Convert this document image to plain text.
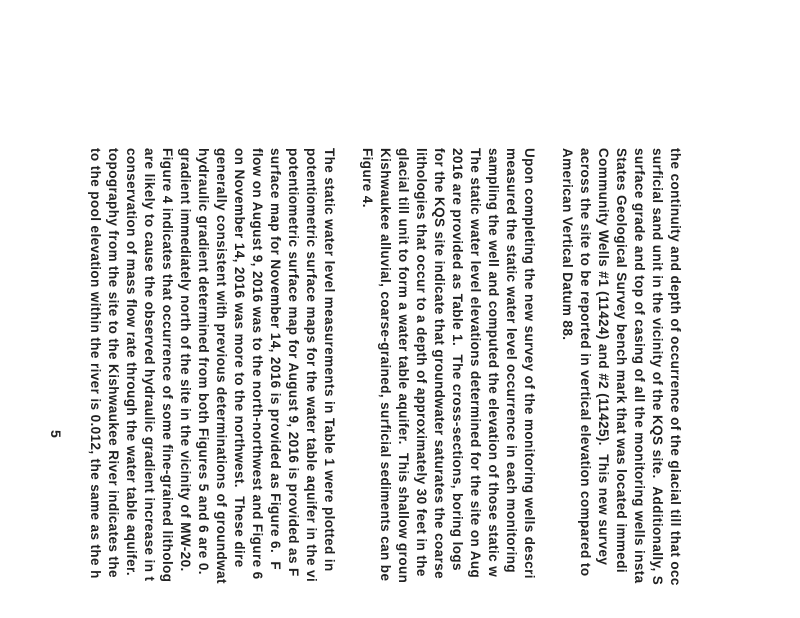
the continuity and depth of occurrence of the glacial till that occ
surficial sand unit in the vicinity of the KQS site.  Additionally, S
surface grade and top of casing of all the monitoring wells insta
States Geological Survey bench mark that was located immedi
Community Wells #1 (11424) and #2 (11425).  This new survey
across the site to be reported in vertical elevation compared to
American Vertical Datum 88.
Upon completing the new survey of the monitoring wells descri
measured the static water level occurrence in each monitoring
sampling the well and computed the elevation of those static w
The static water level elevations determined for the site on Aug
2016 are provided as Table 1.  The cross-sections, boring logs
for the KQS site indicate that groundwater saturates the coarse
lithologies that occur to a depth of approximately 30 feet in the
glacial till unit to form a water table aquifer.  This shallow groun
Kishwaukee alluvial, coarse-grained, surficial sediments can be
Figure 4.
The static water level measurements in Table 1 were plotted in
potentiometric surface maps for the water table aquifer in the vi
potentiometric surface map for August 9, 2016 is provided as F
surface map for November 14, 2016 is provided as Figure 6.  F
flow on August 9, 2016 was to the north-northwest and Figure 6
on November 14, 2016 was more to the northwest.  These dire
generally consistent with previous determinations of groundwat
hydraulic gradient determined from both Figures 5 and 6 are 0.
gradient immediately north of the site in the vicinity of MW-20.
Figure 4 indicates that occurrence of some fine-grained litholog
are likely to cause the observed hydraulic gradient increase in t
conservation of mass flow rate through the water table aquifer.
topography from the site to the Kishwaukee River indicates the
to the pool elevation within the river is 0.012, the same as the h
5
